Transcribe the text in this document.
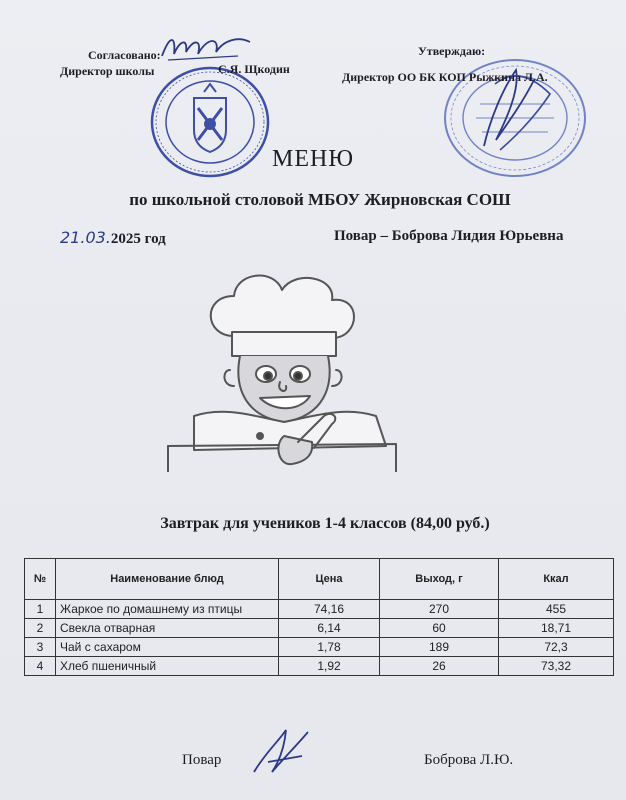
Согласовано:
Директор школы	С.Я. Щкодин
Утверждаю:
Директор ОО БК КОП Рыжкина Л.А.
МЕНЮ
по школьной столовой МБОУ Жирновская СОШ
21.03.2025 год	Повар – Боброва Лидия Юрьевна
Завтрак для учеников 1-4 классов (84,00 руб.)
№	Наименование блюд	Цена	Выход, г	Ккал
1	Жаркое по домашнему из птицы	74,16	270	455
2	Свекла отварная	6,14	60	18,71
3	Чай с сахаром	1,78	189	72,3
4	Хлеб пшеничный	1,92	26	73,32
Повар	Боброва Л.Ю.
